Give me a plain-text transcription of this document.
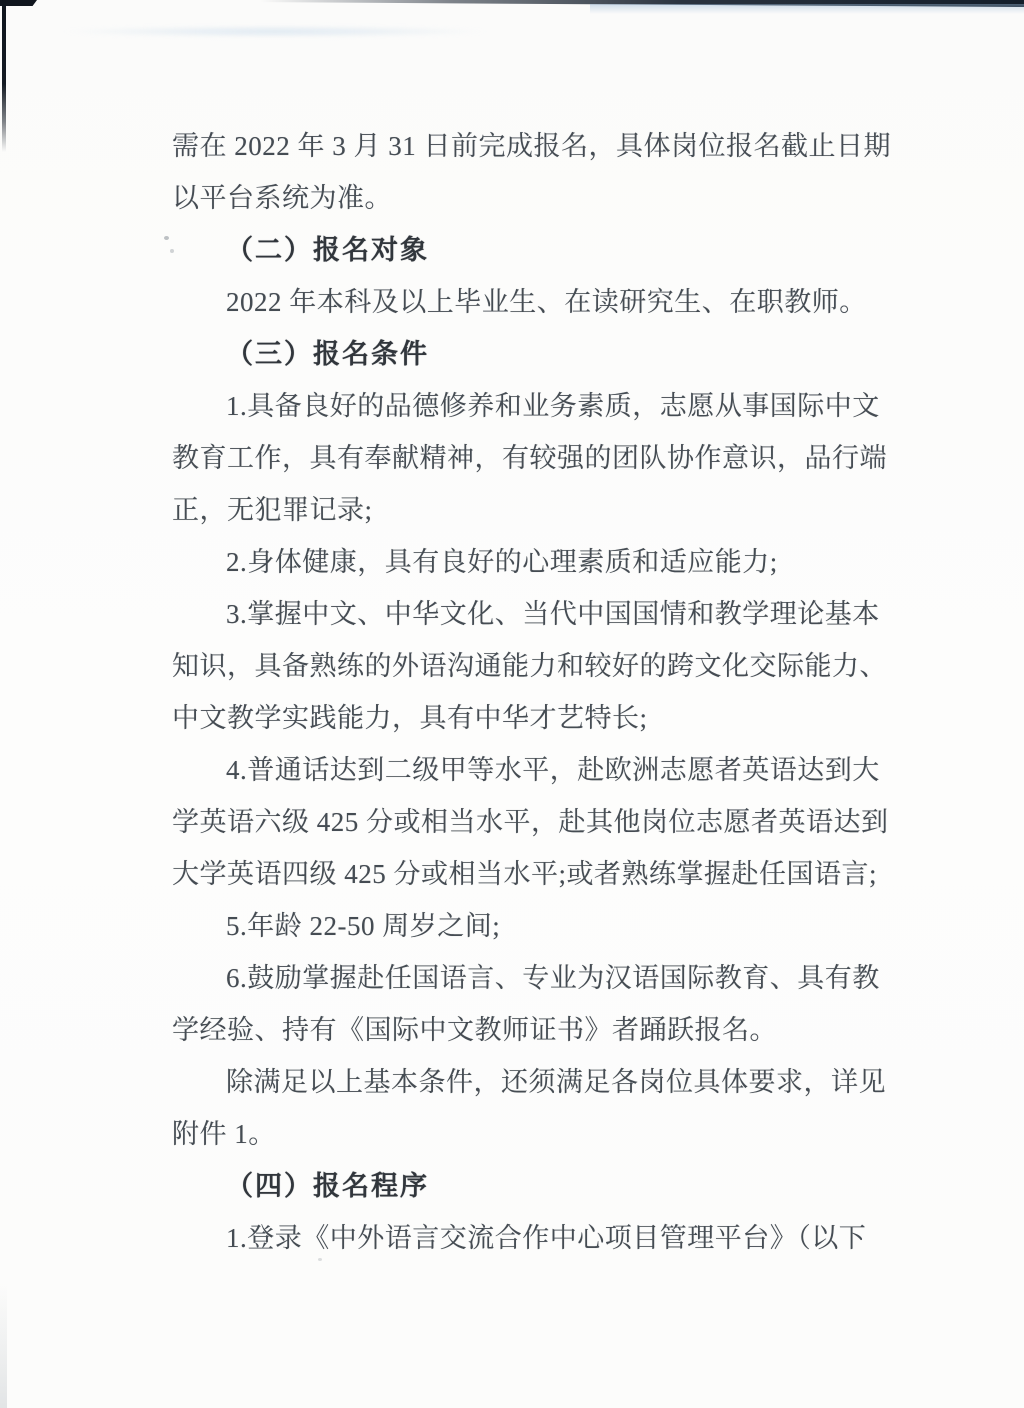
需在 2022 年 3 月 31 日前完成报名，具体岗位报名截止日期
以平台系统为准。
（二）报名对象
2022 年本科及以上毕业生、在读研究生、在职教师。
（三）报名条件
1.具备良好的品德修养和业务素质，志愿从事国际中文
教育工作，具有奉献精神，有较强的团队协作意识，品行端
正，无犯罪记录;
2.身体健康，具有良好的心理素质和适应能力;
3.掌握中文、中华文化、当代中国国情和教学理论基本
知识，具备熟练的外语沟通能力和较好的跨文化交际能力、
中文教学实践能力，具有中华才艺特长;
4.普通话达到二级甲等水平，赴欧洲志愿者英语达到大
学英语六级 425 分或相当水平，赴其他岗位志愿者英语达到
大学英语四级 425 分或相当水平;或者熟练掌握赴任国语言;
5.年龄 22-50 周岁之间;
6.鼓励掌握赴任国语言、专业为汉语国际教育、具有教
学经验、持有《国际中文教师证书》者踊跃报名。
除满足以上基本条件，还须满足各岗位具体要求，详见
附件 1。
（四）报名程序
1.登录《中外语言交流合作中心项目管理平台》（以下
